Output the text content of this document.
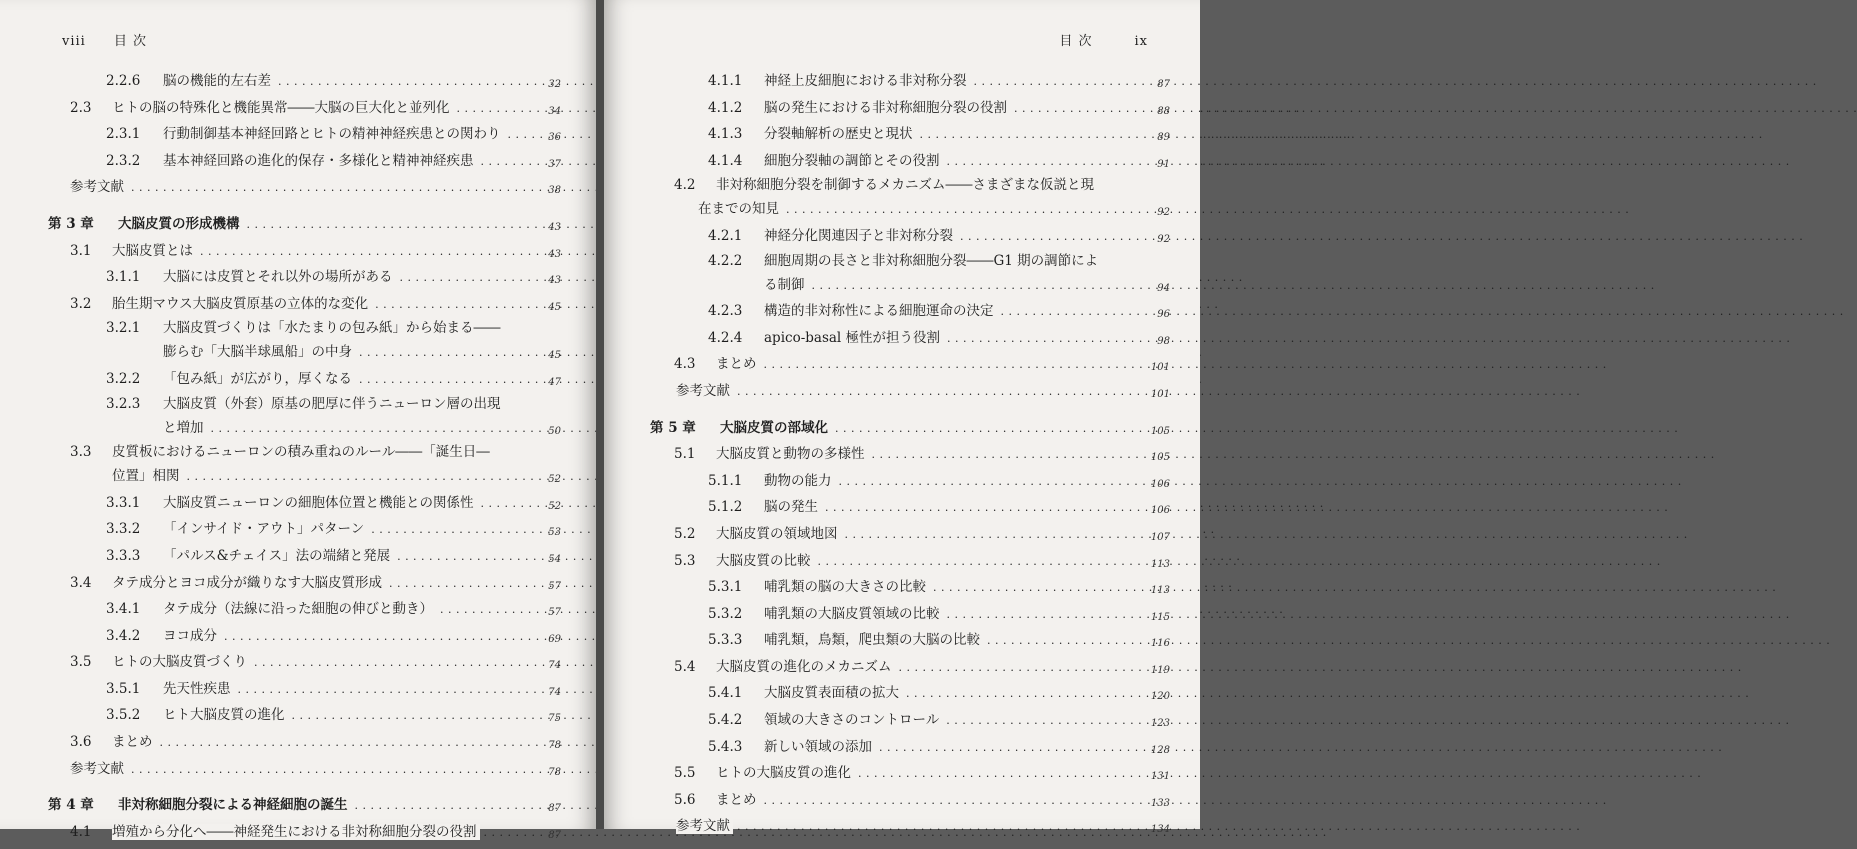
viii　　目 次
2.2.6 脳の機能的左右差 . . .	32
2.3 ヒトの脳の特殊化と機能異常――大脳の巨大化と並列化 . . .	34
2.3.1 行動制御基本神経回路とヒトの精神神経疾患との関わり . . .	36
2.3.2 基本神経回路の進化的保存・多様化と精神神経疾患 . . .	37
参考文献 . . .	38
第 3 章 大脳皮質の形成機構 . . .	43
3.1 大脳皮質とは . . .	43
3.1.1 大脳には皮質とそれ以外の場所がある . . .	43
3.2 胎生期マウス大脳皮質原基の立体的な変化 . . .	45
3.2.1 大脳皮質づくりは「水たまりの包み紙」から始まる――
膨らむ「大脳半球風船」の中身 . . .	45
3.2.2 「包み紙」が広がり，厚くなる . . .	47
3.2.3 大脳皮質（外套）原基の肥厚に伴うニューロン層の出現
と増加 . . .	50
3.3 皮質板におけるニューロンの積み重ねのルール――「誕生日―
位置」相関 . . .	52
3.3.1 大脳皮質ニューロンの細胞体位置と機能との関係性 . . .	52
3.3.2 「インサイド・アウト」パターン . . .	53
3.3.3 「パルス&チェイス」法の端緒と発展 . . .	54
3.4 タテ成分とヨコ成分が織りなす大脳皮質形成 . . .	57
3.4.1 タテ成分（法線に沿った細胞の伸びと動き） . . .	57
3.4.2 ヨコ成分 . . .	69
3.5 ヒトの大脳皮質づくり . . .	74
3.5.1 先天性疾患 . . .	74
3.5.2 ヒト大脳皮質の進化 . . .	75
3.6 まとめ . . .	78
参考文献 . . .	78
第 4 章 非対称細胞分裂による神経細胞の誕生 . . .	87
4.1 増殖から分化へ――神経発生における非対称細胞分裂の役割 . . .	87
目 次　　　ix
4.1.1 神経上皮細胞における非対称分裂 . . .	87
4.1.2 脳の発生における非対称細胞分裂の役割 . . .	88
4.1.3 分裂軸解析の歴史と現状 . . .	89
4.1.4 細胞分裂軸の調節とその役割 . . .	91
4.2 非対称細胞分裂を制御するメカニズム――さまざまな仮説と現
在までの知見 . . .	92
4.2.1 神経分化関連因子と非対称分裂 . . .	92
4.2.2 細胞周期の長さと非対称細胞分裂――G1 期の調節によ
る制御 . . .	94
4.2.3 構造的非対称性による細胞運命の決定 . . .	96
4.2.4 apico-basal 極性が担う役割 . . .	98
4.3 まとめ . . .	101
参考文献 . . .	101
第 5 章 大脳皮質の部域化 . . .	105
5.1 大脳皮質と動物の多様性 . . .	105
5.1.1 動物の能力 . . .	106
5.1.2 脳の発生 . . .	106
5.2 大脳皮質の領域地図 . . .	107
5.3 大脳皮質の比較 . . .	113
5.3.1 哺乳類の脳の大きさの比較 . . .	113
5.3.2 哺乳類の大脳皮質領域の比較 . . .	115
5.3.3 哺乳類，鳥類，爬虫類の大脳の比較 . . .	116
5.4 大脳皮質の進化のメカニズム . . .	119
5.4.1 大脳皮質表面積の拡大 . . .	120
5.4.2 領域の大きさのコントロール . . .	123
5.4.3 新しい領域の添加 . . .	128
5.5 ヒトの大脳皮質の進化 . . .	131
5.6 まとめ . . .	133
参考文献 . . .	134
